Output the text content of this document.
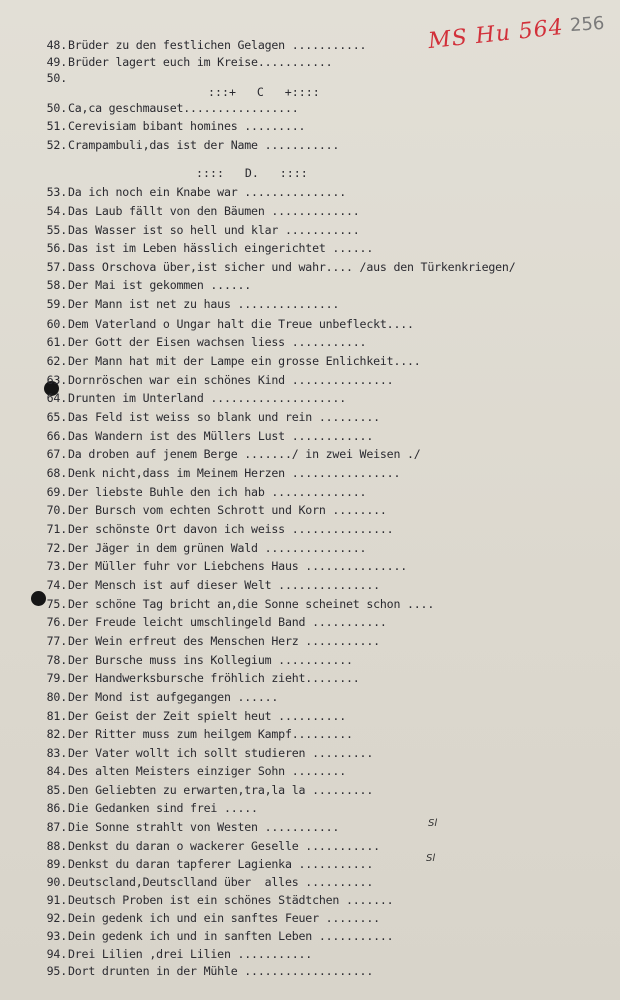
MS Hu 564 256
48.Brüder zu den festlichen Gelagen ...........
49.Brüder lagert euch im Kreise...........
50.
:::+   C   +::::
50.Ca,ca geschmauset.................
51.Cerevisiam bibant homines .........
52.Crampambuli,das ist der Name ...........
::::   D.   ::::
53.Da ich noch ein Knabe war ...............
54.Das Laub fällt von den Bäumen .............
55.Das Wasser ist so hell und klar ...........
56.Das ist im Leben hässlich eingerichtet ......
57.Dass Orschova über,ist sicher und wahr.... /aus den Türkenkriegen/
58.Der Mai ist gekommen ......
59.Der Mann ist net zu haus ...............
60.Dem Vaterland o Ungar halt die Treue unbefleckt....
61.Der Gott der Eisen wachsen liess ...........
62.Der Mann hat mit der Lampe ein grosse Enlichkeit....
63.Dornröschen war ein schönes Kind ...............
64.Drunten im Unterland ....................
65.Das Feld ist weiss so blank und rein .........
66.Das Wandern ist des Müllers Lust ............
67.Da droben auf jenem Berge ......./ in zwei Weisen ./
68.Denk nicht,dass im Meinem Herzen ................
69.Der liebste Buhle den ich hab ..............
70.Der Bursch vom echten Schrott und Korn ........
71.Der schönste Ort davon ich weiss ...............
72.Der Jäger in dem grünen Wald ...............
73.Der Müller fuhr vor Liebchens Haus ...............
74.Der Mensch ist auf dieser Welt ...............
75.Der schöne Tag bricht an,die Sonne scheinet schon ....
76.Der Freude leicht umschlingeld Band ...........
77.Der Wein erfreut des Menschen Herz ...........
78.Der Bursche muss ins Kollegium ...........
79.Der Handwerksbursche fröhlich zieht........
80.Der Mond ist aufgegangen ......
81.Der Geist der Zeit spielt heut ..........
82.Der Ritter muss zum heilgem Kampf.........
83.Der Vater wollt ich sollt studieren .........
84.Des alten Meisters einziger Sohn ........
85.Den Geliebten zu erwarten,tra,la la .........
86.Die Gedanken sind frei .....
87.Die Sonne strahlt von Westen ...........
88.Denkst du daran o wackerer Geselle ...........
89.Denkst du daran tapferer Lagienka ...........
90.Deutscland,Deutsclland über  alles ..........
91.Deutsch Proben ist ein schönes Städtchen .......
92.Dein gedenk ich und ein sanftes Feuer ........
93.Dein gedenk ich und in sanften Leben ...........
94.Drei Lilien ,drei Lilien ...........
95.Dort drunten in der Mühle ...................
Sl
Sl
